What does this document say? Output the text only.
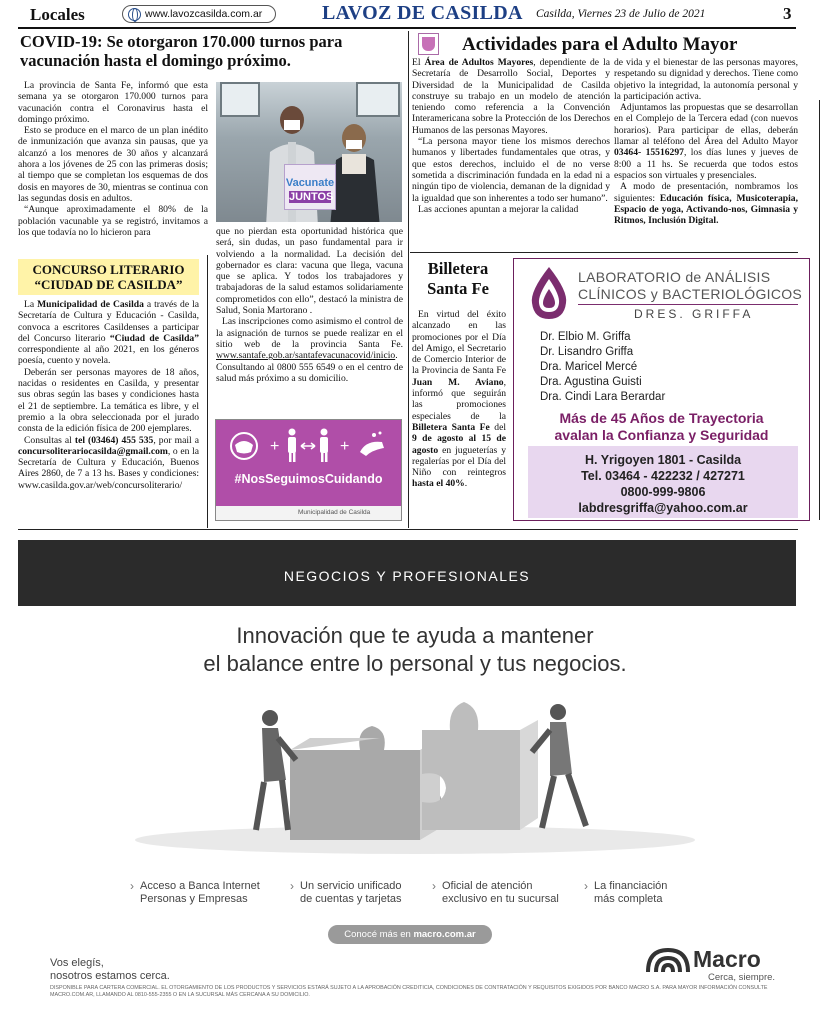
Locales	www.lavozcasilda.com.ar	LAVOZ DE CASILDA Casilda, Viernes 23 de Julio de 2021	3
COVID-19: Se otorgaron 170.000 turnos para vacunación hasta el domingo próximo.

La provincia de Santa Fe, informó que esta semana ya se otorgaron 170.000 turnos para vacunación contra el Coronavirus hasta el domingo próximo.

Esto se produce en el marco de un plan inédito de inmunización que avanza sin pausas, que ya alcanzó a los menores de 30 años y alcanzará ahora a los jóvenes de 25 con las primeras dosis; al tiempo que se completan los esquemas de dos dosis en mayores de 30, mientras se continua con las segundas dosis en adultos.

“Aunque aproximadamente el 80% de la población vacunable ya se registró, invitamos a los que todavía no lo hicieron para

Vacunate
JUNTOS

que no pierdan esta oportunidad histórica que será, sin dudas, un paso fundamental para ir volviendo a la normalidad. La decisión del gobernador es clara: vacuna que llega, vacuna que se aplica. Y todos los trabajadores y trabajadoras de la salud estamos solidariamente comprometidos con ello”, destacó la ministra de Salud, Sonia Martorano .

Las inscripciones como asimismo el control de la asignación de turnos se puede realizar en el sitio web de la provincia Santa Fe. www.santafe.gob.ar/santafevacunacovid/inicio. Consultando al 0800 555 6549 o en el centro de salud más próximo a su domicilio.

+	+
#NosSeguimosCuidando
Municipalidad de Casilda
CONCURSO LITERARIO
“CIUDAD DE CASILDA”

La Municipalidad de Casilda a través de la Secretaría de Cultura y Educación - Casilda, convoca a escritores Casildenses a participar del Concurso literario “Ciudad de Casilda” correspondiente al año 2021, en los géneros poesía, cuento y novela.

Deberán ser personas mayores de 18 años, nacidas o residentes en Casilda, y presentar sus obras según las bases y condiciones hasta el 21 de septiembre. La temática es libre, y el premio a la obra seleccionada por el jurado consta de la edición física de 200 ejemplares.

Consultas al tel (03464) 455 535, por mail a concursoliterariocasilda@gmail.com, o en la Secretaría de Cultura y Educación, Buenos Aires 2860, de 7 a 13 hs. Bases y condiciones: www.casilda.gov.ar/web/concursoliterario/

Actividades para el Adulto Mayor

El Área de Adultos Mayores, dependiente de la Secretaría de Desarrollo Social, Deportes y Diversidad de la Municipalidad de Casilda construye su trabajo en un modelo de atención teniendo como referencia a la Convención Interamericana sobre la Protección de los Derechos Humanos de las personas Mayores.

“La persona mayor tiene los mismos derechos humanos y libertades fundamentales que otras, y que estos derechos, incluido el de no verse sometida a discriminación fundada en la edad ni a ningún tipo de violencia, demanan de la dignidad y la igualdad que son inherentes a todo ser humano”.

Las acciones apuntan a mejorar la calidad

de vida y el bienestar de las personas mayores, respetando su dignidad y derechos. Tiene como objetivo la integridad, la autonomía personal y la participación activa.

Adjuntamos las propuestas que se desarrollan en el Complejo de la Tercera edad (con nuevos horarios). Para participar de ellas, deberán llamar al teléfono del Área del Adulto Mayor 03464- 15516297, los días lunes y jueves de 8:00 a 11 hs. Se recuerda que todos estos espacios son virtuales y presenciales.

A modo de presentación, nombramos los siguientes: Educación física, Musicoterapia, Espacio de yoga, Activando-nos, Gimnasia y Ritmos, Inclusión Digital.

Billetera
Santa Fe

En virtud del éxito alcanzado en las promociones por el Día del Amigo, el Secretario de Comercio Interior de la Provincia de Santa Fe Juan M. Aviano, informó que seguirán las promociones especiales de la Billetera Santa Fe del 9 de agosto al 15 de agosto en jugueterías y regalerías por el Día del Niño con reintegros hasta el 40%.

LABORATORIO de ANÁLISIS
CLÍNICOS y BACTERIOLÓGICOS
DRES. GRIFFA
Dr. Elbio M. Griffa
Dr. Lisandro Griffa
Dra. Maricel Mercé
Dra. Agustina Guisti
Dra. Cindi Lara Berardar
Más de 45 Años de Trayectoria
avalan la Confianza y Seguridad
H. Yrigoyen 1801 - Casilda
Tel. 03464 - 422232 / 427271
0800-999-9806
labdresgriffa@yahoo.com.ar
NEGOCIOS Y PROFESIONALES
Innovación que te ayuda a mantener
el balance entre lo personal y tus negocios.
› Acceso a Banca Internet
Personas y Empresas
› Un servicio unificado
de cuentas y tarjetas
› Oficial de atención
exclusivo en tu sucursal
› La financiación
más completa
Conocé más en macro.com.ar
Vos elegís,
nosotros estamos cerca.
Macro
Cerca, siempre.
DISPONIBLE PARA CARTERA COMERCIAL. EL OTORGAMIENTO DE LOS PRODUCTOS Y SERVICIOS ESTARÁ SUJETO A LA APROBACIÓN CREDITICIA, CONDICIONES DE CONTRATACIÓN Y REQUISITOS EXIGIDOS POR BANCO MACRO S.A. PARA MAYOR INFORMACIÓN CONSULTE MACRO.COM.AR, LLAMANDO AL 0810-555-2355 O EN LA SUCURSAL MÁS CERCANA A SU DOMICILIO.
